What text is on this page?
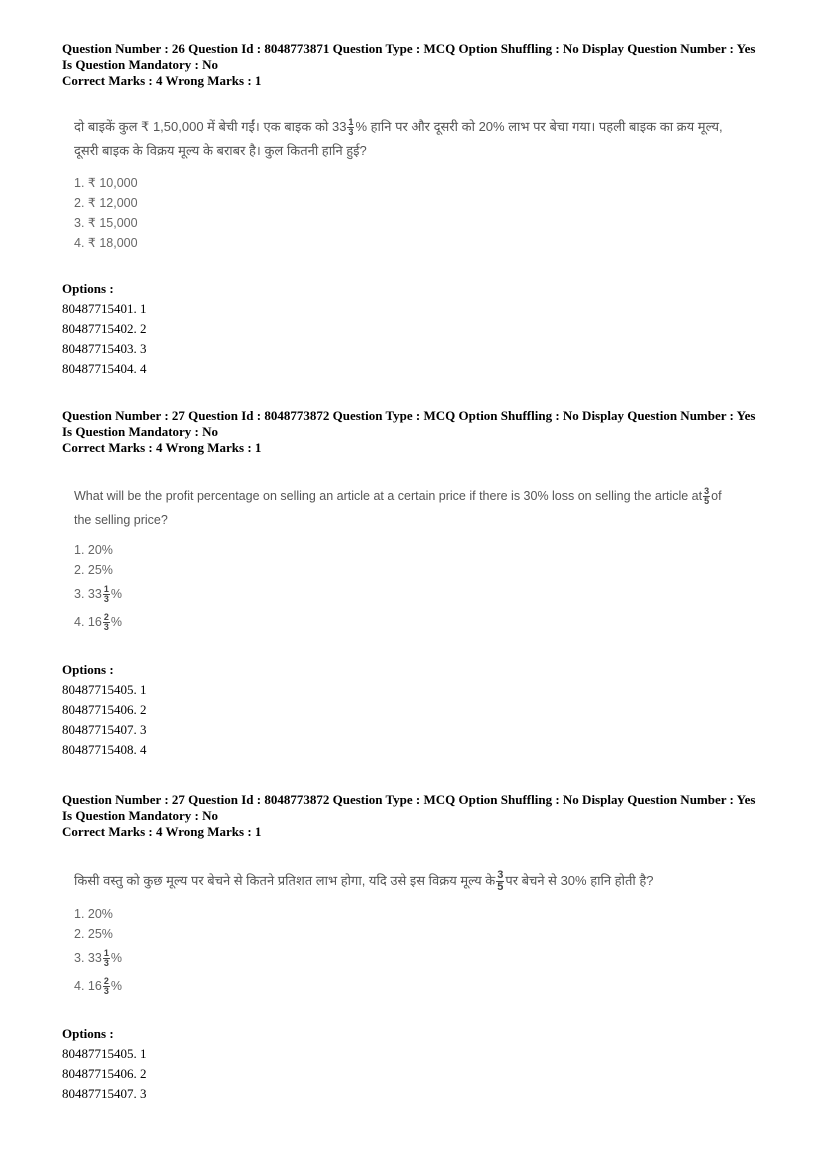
Question Number : 26 Question Id : 8048773871 Question Type : MCQ Option Shuffling : No Display Question Number : Yes
Is Question Mandatory : No
Correct Marks : 4 Wrong Marks : 1

दो बाइकें कुल ₹ 1,50,000 में बेची गईं। एक बाइक को $33 \frac{1}{3}$ % हानि पर और दूसरी को 20% लाभ पर बेचा गया। पहली बाइक का क्रय मूल्य,
दूसरी बाइक के विक्रय मूल्य के बराबर है। कुल कितनी हानि हुई?
1. ₹ 10,000
2. ₹ 12,000
3. ₹ 15,000
4. ₹ 18,000

Options :

80487715401. 1
80487715402. 2
80487715403. 3
80487715404. 4

Question Number : 27 Question Id : 8048773872 Question Type : MCQ Option Shuffling : No Display Question Number : Yes
Is Question Mandatory : No
Correct Marks : 4 Wrong Marks : 1

What will be the profit percentage on selling an article at a certain price if there is 30% loss on selling the article at $\frac{3}{5}$ of
the selling price?
1. 20%
2. 25%
3. $33 \frac{1}{3}$ %
4. $16 \frac{2}{3}$ %

Options :

80487715405. 1
80487715406. 2
80487715407. 3
80487715408. 4

Question Number : 27 Question Id : 8048773872 Question Type : MCQ Option Shuffling : No Display Question Number : Yes
Is Question Mandatory : No
Correct Marks : 4 Wrong Marks : 1

किसी वस्तु को कुछ मूल्य पर बेचने से कितने प्रतिशत लाभ होगा, यदि उसे इस विक्रय मूल्य के $\frac{3}{5}$ पर बेचने से 30% हानि होती है?
1. 20%
2. 25%
3. $33 \frac{1}{3}$ %
4. $16 \frac{2}{3}$ %

Options :

80487715405. 1
80487715406. 2
80487715407. 3
